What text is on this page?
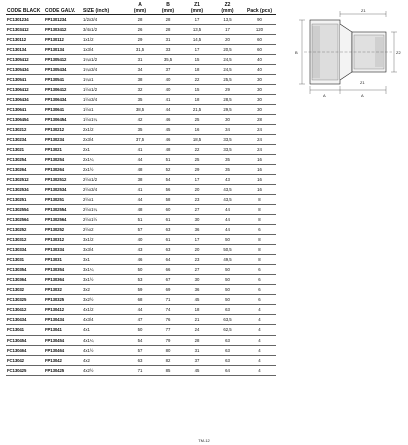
			A	B	Z1	Z2	
CODE BLACK	CODE GALV.	SIZE (inch)	(mm)	(mm)	(mm)	(mm)	Pack (pcs)
FC1301234	FP1301234	1/2x3/4	28	28	17	13,5	90
FC1303412	FP1303412	3/4x1/2	26	28	13,5	17	120
FC130112	FP130112	1x1/2	29	31	14,5	20	60
FC130134	FP130134	1x3/4	31,5	33	17	20,5	60
FC1305412	FP1305412	1¼x1/2	31	35,5	15	24,5	40
FC1305434	FP1305434	1¼x3/4	34	37	18	24,5	40
FC130541	FP130541	1¼x1	38	40	22	25,5	30
FC1306412	FP1306412	1½x1/2	32	40	15	29	30
FC1306434	FP1306434	1½x3/4	35	41	18	28,5	30
FC130641	FP130641	1½x1	38,5	44	21,5	29,5	30
FC1306454	FP1306454	1½x1¼	42	46	25	30	28
FC130212	FP130212	2x1/2	35	45	16	34	24
FC130234	FP130234	2x3/4	37,5	46	18,5	33,5	24
FC13021	FP13021	2x1	41	48	22	33,5	24
FC130254	FP130254	2x1¼	44	51	25	35	16
FC130264	FP130264	2x1½	48	52	29	35	16
FC1302512	FP1302512	2½x1/2	38	54	17	43	16
FC1302534	FP1302534	2½x3/4	41	56	20	43,5	16
FC130251	FP130251	2½x1	44	58	23	43,5	8
FC1302554	FP1302554	2½x1¼	48	60	27	44	8
FC1302564	FP1302564	2½x1½	51	61	30	44	8
FC130252	FP130252	2½x2	57	63	36	44	6
FC130312	FP130312	3x1/2	40	61	17	50	8
FC130334	FP130334	3x3/4	43	63	20	50,5	8
FC13031	FP13031	3x1	46	64	23	49,5	8
FC130354	FP130354	3x1¼	50	66	27	50	6
FC130364	FP130364	3x1½	53	67	30	50	6
FC13032	FP13032	3x2	59	69	36	50	6
FC130325	FP130325	3x2½	68	71	45	50	6
FC130412	FP130412	4x1/2	44	74	18	63	4
FC130434	FP130434	4x3/4	47	76	21	63,5	4
FC13041	FP13041	4x1	50	77	24	62,5	4
FC130454	FP130454	4x1¼	54	79	28	63	4
FC130464	FP130464	4x1½	57	80	31	63	4
FC13042	FP13042	4x2	63	82	37	63	4
FC130425	FP130425	4x2½	71	85	45	64	4
A	A
Z1
B	Z2
Z1
TM-12
